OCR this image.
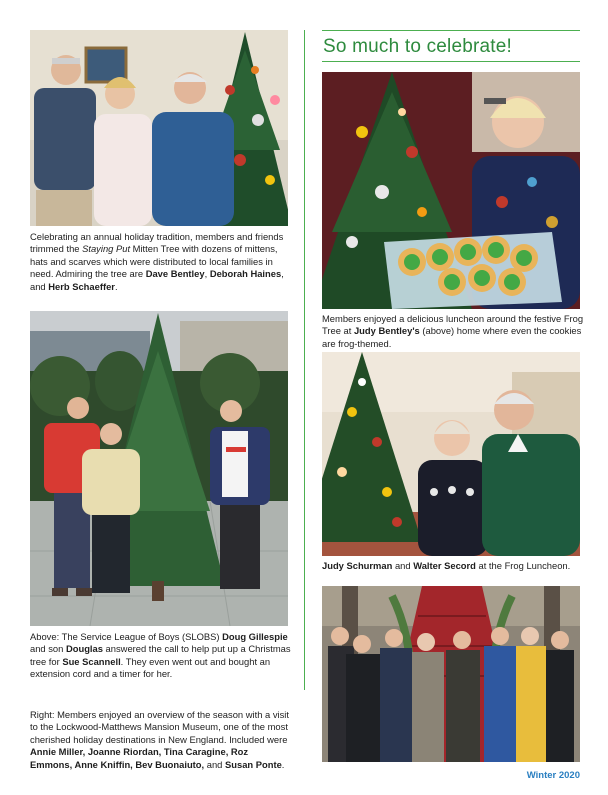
Celebrating an annual holiday tradition, members and friends trimmed the Staying Put Mitten Tree with dozens of mittens, hats and scarves which were distributed to local families in need. Admiring the tree are Dave Bentley, Deborah Haines, and Herb Schaeffer.
Above: The Service League of Boys (SLOBS) Doug Gillespie and son Douglas answered the call to help put up a Christmas tree for Sue Scannell. They even went out and bought an extension cord and a timer for her.
Right: Members enjoyed an overview of the season with a visit to the Lockwood-Matthews Mansion Museum, one of the most cherished holiday destinations in New England. Included were Annie Miller, Joanne Riordan, Tina Caragine, Roz Emmons, Anne Kniffin, Bev Buonaiuto, and Susan Ponte.
So much to celebrate!
Members enjoyed a delicious luncheon around the festive Frog Tree at Judy Bentley's (above) home where even the cookies are frog-themed.
Judy Schurman and Walter Secord at the Frog Luncheon.
Winter 2020
